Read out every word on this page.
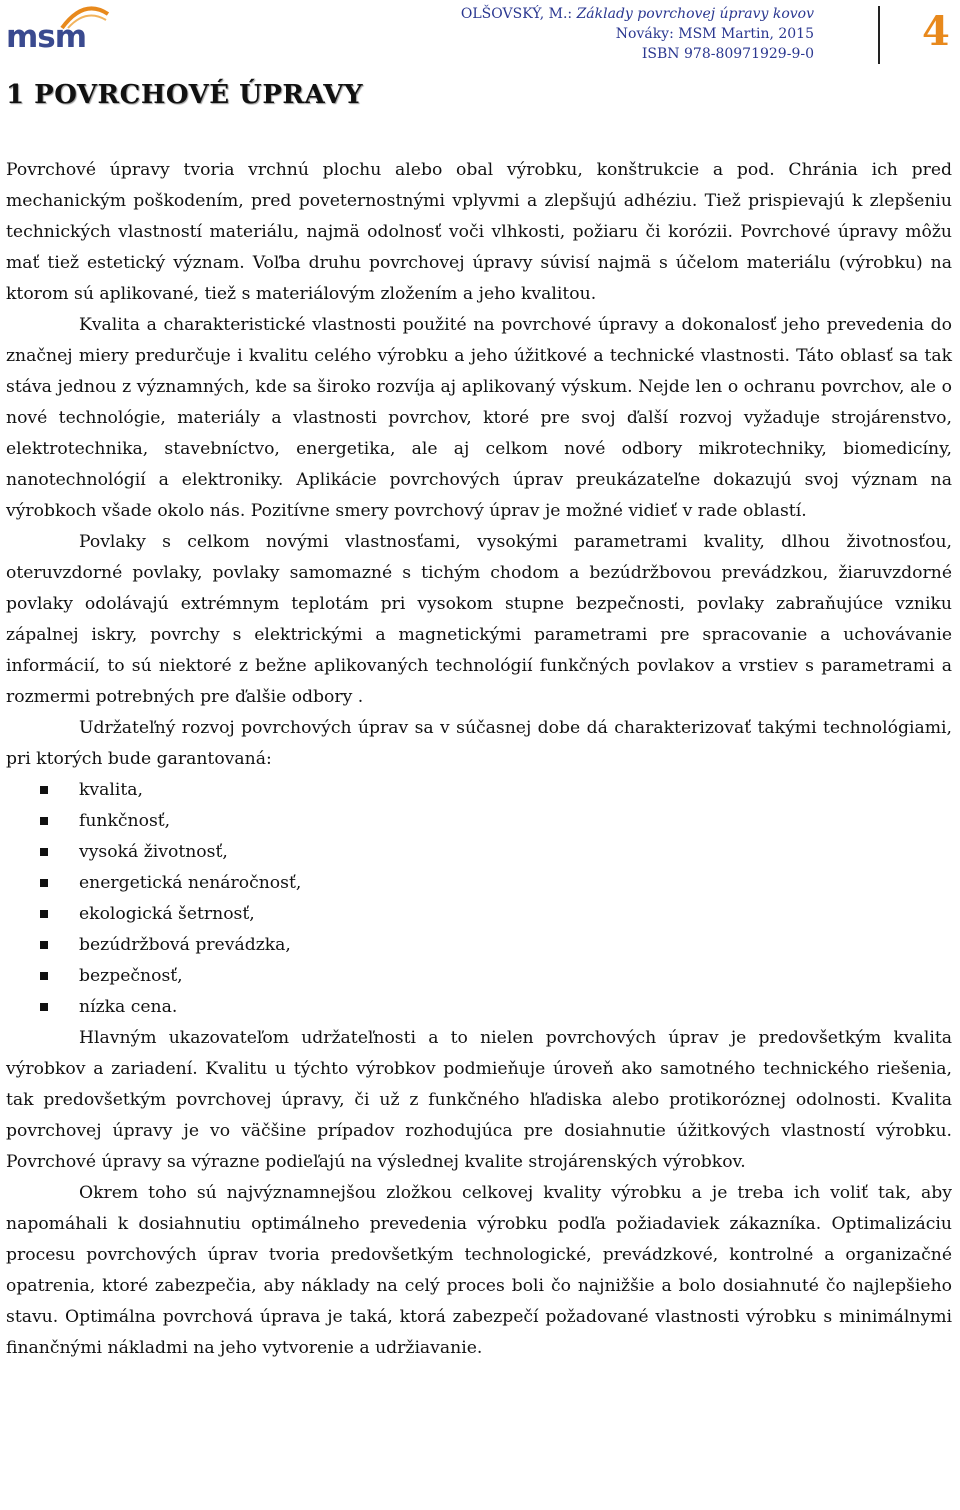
msm
OLŠOVSKÝ, M.: Základy povrchovej úpravy kovov
Nováky: MSM Martin, 2015
ISBN 978-80971929-9-0	4
1 POVRCHOVÉ ÚPRAVY

Povrchové úpravy tvoria vrchnú plochu alebo obal výrobku, konštrukcie a pod. Chránia ich pred mechanickým poškodením, pred poveternostnými vplyvmi a zlepšujú adhéziu. Tiež prispievajú k zlepšeniu technických vlastností materiálu, najmä odolnosť voči vlhkosti, požiaru či korózii. Povrchové úpravy môžu mať tiež estetický význam. Voľba druhu povrchovej úpravy súvisí najmä s účelom materiálu (výrobku) na ktorom sú aplikované, tiež s materiálovým zložením a jeho kvalitou.

Kvalita a charakteristické vlastnosti použité na povrchové úpravy a dokonalosť jeho prevedenia do značnej miery predurčuje i kvalitu celého výrobku a jeho úžitkové a technické vlastnosti. Táto oblasť sa tak stáva jednou z významných, kde sa široko rozvíja aj aplikovaný výskum. Nejde len o ochranu povrchov, ale o nové technológie, materiály a vlastnosti povrchov, ktoré pre svoj ďalší rozvoj vyžaduje strojárenstvo, elektrotechnika, stavebníctvo, energetika, ale aj celkom nové odbory mikrotechniky, biomedicíny, nanotechnológií a elektroniky. Aplikácie povrchových úprav preukázateľne dokazujú svoj význam na výrobkoch všade okolo nás. Pozitívne smery povrchový úprav je možné vidieť v rade oblastí.

Povlaky s celkom novými vlastnosťami, vysokými parametrami kvality, dlhou životnosťou, oteruvzdorné povlaky, povlaky samomazné s tichým chodom a bezúdržbovou prevádzkou, žiaruvzdorné povlaky odolávajú extrémnym teplotám pri vysokom stupne bezpečnosti, povlaky zabraňujúce vzniku zápalnej iskry, povrchy s elektrickými a magnetickými parametrami pre spracovanie a uchovávanie informácií, to sú niektoré z bežne aplikovaných technológií funkčných povlakov a vrstiev s parametrami a rozmermi potrebných pre ďalšie odbory .

Udržateľný rozvoj povrchových úprav sa v súčasnej dobe dá charakterizovať takými technológiami, pri ktorých bude garantovaná:

kvalita,
funkčnosť,
vysoká životnosť,
energetická nenáročnosť,
ekologická šetrnosť,
bezúdržbová prevádzka,
bezpečnosť,
nízka cena.

Hlavným ukazovateľom udržateľnosti a to nielen povrchových úprav je predovšetkým kvalita výrobkov a zariadení. Kvalitu u týchto výrobkov podmieňuje úroveň ako samotného technického riešenia, tak predovšetkým povrchovej úpravy, či už z funkčného hľadiska alebo protikoróznej odolnosti. Kvalita povrchovej úpravy je vo väčšine prípadov rozhodujúca pre dosiahnutie úžitkových vlastností výrobku. Povrchové úpravy sa výrazne podieľajú na výslednej kvalite strojárenských výrobkov.

Okrem toho sú najvýznamnejšou zložkou celkovej kvality výrobku a je treba ich voliť tak, aby napomáhali k dosiahnutiu optimálneho prevedenia výrobku podľa požiadaviek zákazníka. Optimalizáciu procesu povrchových úprav tvoria predovšetkým technologické, prevádzkové, kontrolné a organizačné opatrenia, ktoré zabezpečia, aby náklady na celý proces boli čo najnižšie a bolo dosiahnuté čo najlepšieho stavu. Optimálna povrchová úprava je taká, ktorá zabezpečí požadované vlastnosti výrobku s minimálnymi finančnými nákladmi na jeho vytvorenie a udržiavanie.
